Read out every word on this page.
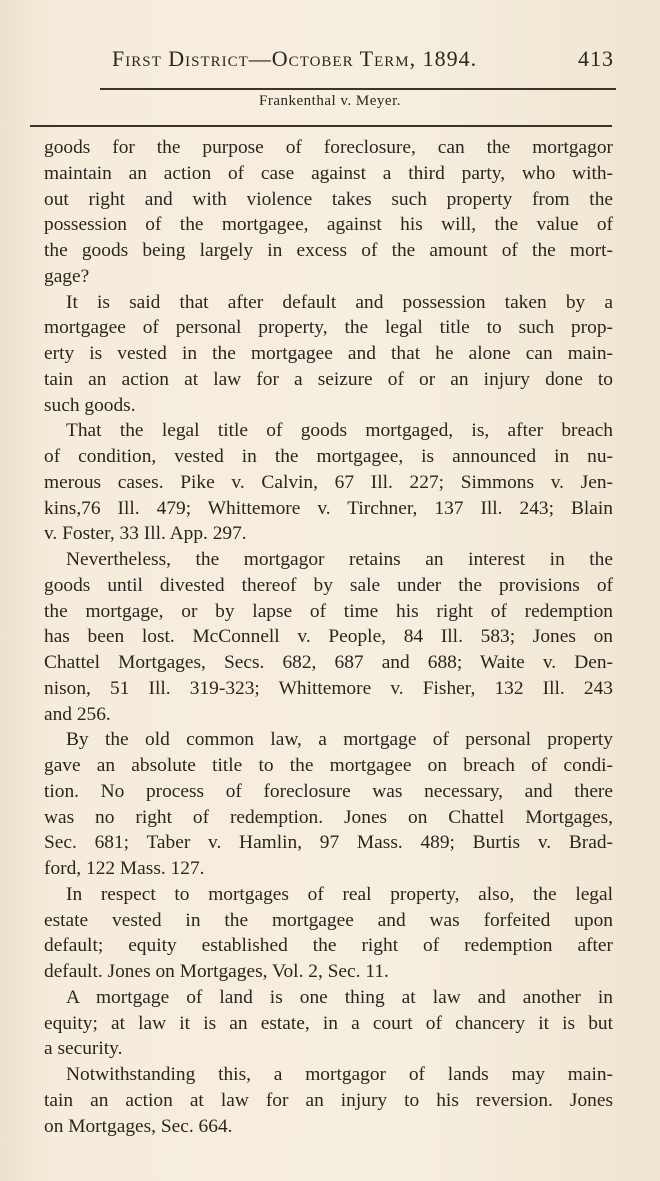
First District—October Term, 1894.	413
Frankenthal v. Meyer.
goods for the purpose of foreclosure, can the mortgagor
maintain an action of case against a third party, who with-
out right and with violence takes such property from the
possession of the mortgagee, against his will, the value of
the goods being largely in excess of the amount of the mort-
gage?
It is said that after default and possession taken by a
mortgagee of personal property, the legal title to such prop-
erty is vested in the mortgagee and that he alone can main-
tain an action at law for a seizure of or an injury done to
such goods.
That the legal title of goods mortgaged, is, after breach
of condition, vested in the mortgagee, is announced in nu-
merous cases. Pike v. Calvin, 67 Ill. 227; Simmons v. Jen-
kins,76 Ill. 479; Whittemore v. Tirchner, 137 Ill. 243; Blain
v. Foster, 33 Ill. App. 297.
Nevertheless, the mortgagor retains an interest in the
goods until divested thereof by sale under the provisions of
the mortgage, or by lapse of time his right of redemption
has been lost. McConnell v. People, 84 Ill. 583; Jones on
Chattel Mortgages, Secs. 682, 687 and 688; Waite v. Den-
nison, 51 Ill. 319-323; Whittemore v. Fisher, 132 Ill. 243
and 256.
By the old common law, a mortgage of personal property
gave an absolute title to the mortgagee on breach of condi-
tion. No process of foreclosure was necessary, and there
was no right of redemption. Jones on Chattel Mortgages,
Sec. 681; Taber v. Hamlin, 97 Mass. 489; Burtis v. Brad-
ford, 122 Mass. 127.
In respect to mortgages of real property, also, the legal
estate vested in the mortgagee and was forfeited upon
default; equity established the right of redemption after
default. Jones on Mortgages, Vol. 2, Sec. 11.
A mortgage of land is one thing at law and another in
equity; at law it is an estate, in a court of chancery it is but
a security.
Notwithstanding this, a mortgagor of lands may main-
tain an action at law for an injury to his reversion. Jones
on Mortgages, Sec. 664.
